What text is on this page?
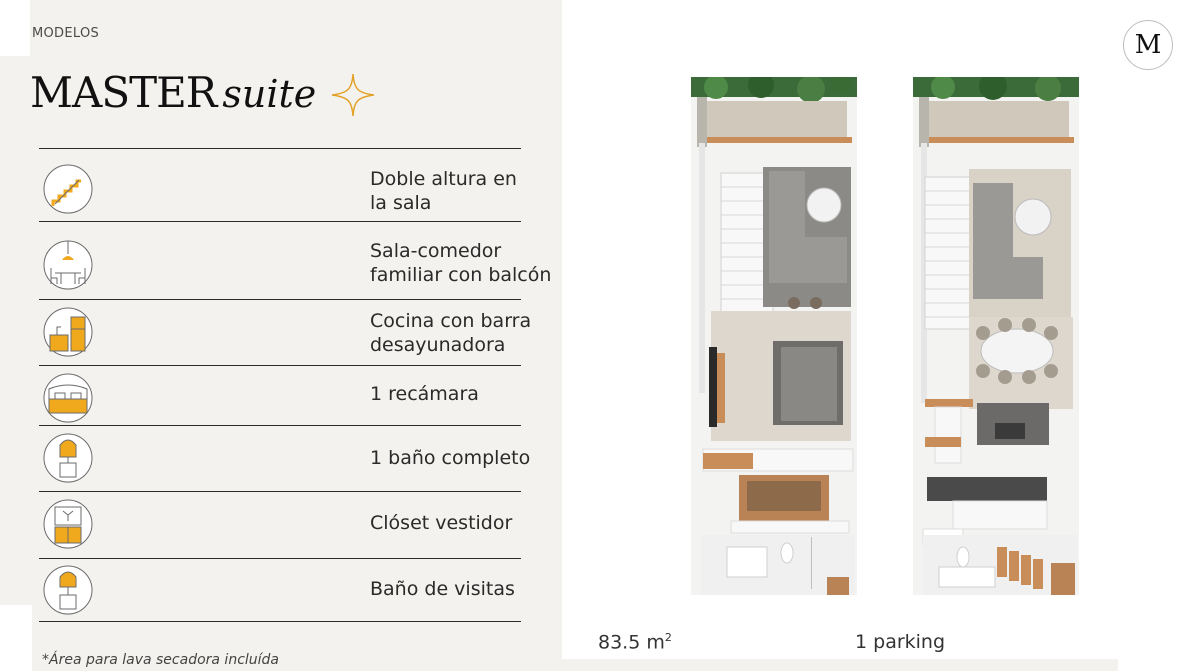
MODELOS
MASTER suite
Doble altura en
la sala
Sala-comedor
familiar con balcón
Cocina con barra
desayunadora
1 recámara
1 baño completo
Clóset vestidor
Baño de visitas
*Área para lava secadora incluída
M
83.5 $m^2$	1 parking
